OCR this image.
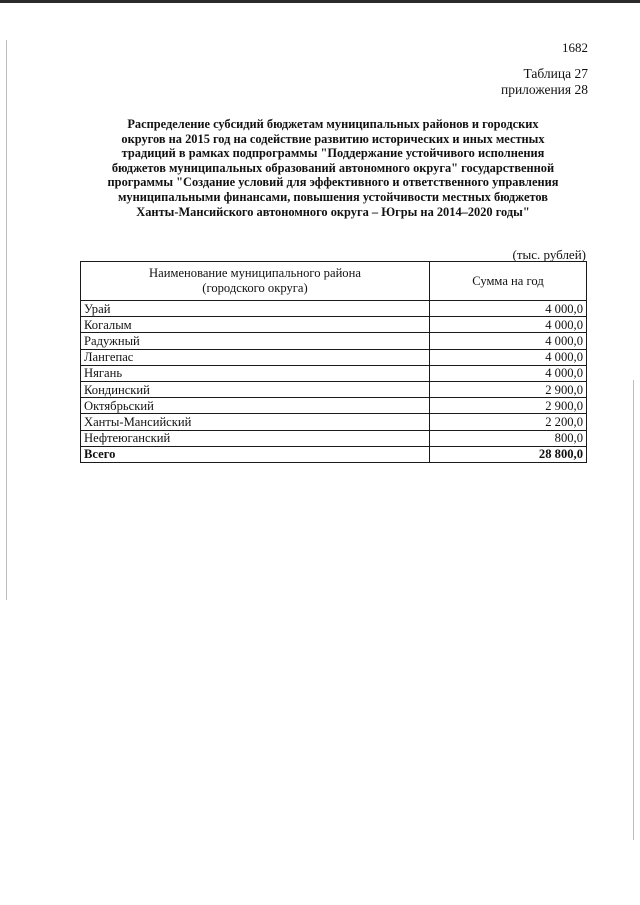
1682
Таблица 27
приложения 28
Распределение субсидий бюджетам муниципальных районов и городских
округов на 2015 год на содействие развитию исторических и иных местных
традиций в рамках подпрограммы "Поддержание устойчивого исполнения
бюджетов муниципальных образований автономного округа" государственной
программы "Создание условий для эффективного и ответственного управления
муниципальными финансами, повышения устойчивости местных бюджетов
Ханты-Мансийского автономного округа – Югры на 2014–2020 годы"
(тыс. рублей)
Наименование муниципального района
(городского округа)	Сумма на год
Урай	4 000,0
Когалым	4 000,0
Радужный	4 000,0
Лангепас	4 000,0
Нягань	4 000,0
Кондинский	2 900,0
Октябрьский	2 900,0
Ханты-Мансийский	2 200,0
Нефтеюганский	800,0
Всего	28 800,0
